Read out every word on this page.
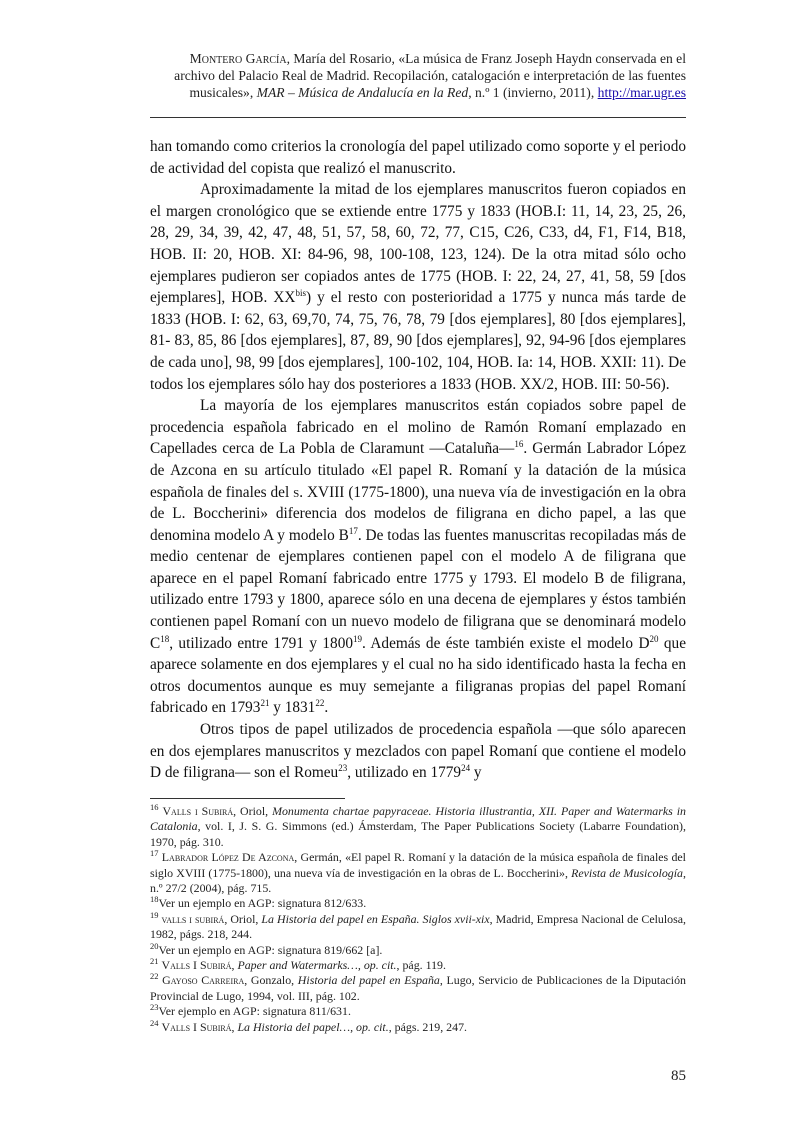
Montero García, María del Rosario, «La música de Franz Joseph Haydn conservada en el archivo del Palacio Real de Madrid. Recopilación, catalogación e interpretación de las fuentes musicales», MAR – Música de Andalucía en la Red, n.º 1 (invierno, 2011), http://mar.ugr.es

han tomando como criterios la cronología del papel utilizado como soporte y el periodo de actividad del copista que realizó el manuscrito.

Aproximadamente la mitad de los ejemplares manuscritos fueron copiados en el margen cronológico que se extiende entre 1775 y 1833 (HOB.I: 11, 14, 23, 25, 26, 28, 29, 34, 39, 42, 47, 48, 51, 57, 58, 60, 72, 77, C15, C26, C33, d4, F1, F14, B18, HOB. II: 20, HOB. XI: 84-96, 98, 100-108, 123, 124). De la otra mitad sólo ocho ejemplares pudieron ser copiados antes de 1775 (HOB. I: 22, 24, 27, 41, 58, 59 [dos ejemplares], HOB. $XX^{bis}$) y el resto con posterioridad a 1775 y nunca más tarde de 1833 (HOB. I: 62, 63, 69,70, 74, 75, 76, 78, 79 [dos ejemplares], 80 [dos ejemplares], 81- 83, 85, 86 [dos ejemplares], 87, 89, 90 [dos ejemplares], 92, 94-96 [dos ejemplares de cada uno], 98, 99 [dos ejemplares], 100-102, 104, HOB. Ia: 14, HOB. XXII: 11). De todos los ejemplares sólo hay dos posteriores a 1833 (HOB. XX/2, HOB. III: 50-56).

La mayoría de los ejemplares manuscritos están copiados sobre papel de procedencia española fabricado en el molino de Ramón Romaní emplazado en Capellades cerca de La Pobla de Claramunt —Cataluña—$^{16}$. Germán Labrador López de Azcona en su artículo titulado «El papel R. Romaní y la datación de la música española de finales del s. XVIII (1775-1800), una nueva vía de investigación en la obra de L. Boccherini» diferencia dos modelos de filigrana en dicho papel, a las que denomina modelo A y modelo $B^{17}$. De todas las fuentes manuscritas recopiladas más de medio centenar de ejemplares contienen papel con el modelo A de filigrana que aparece en el papel Romaní fabricado entre 1775 y 1793. El modelo B de filigrana, utilizado entre 1793 y 1800, aparece sólo en una decena de ejemplares y éstos también contienen papel Romaní con un nuevo modelo de filigrana que se denominará modelo $C^{18}$, utilizado entre 1791 y 1800$^{19}$. Además de éste también existe el modelo $D^{20}$ que aparece solamente en dos ejemplares y el cual no ha sido identificado hasta la fecha en otros documentos aunque es muy semejante a filigranas propias del papel Romaní fabricado en 1793$^{21}$ y 1831$^{22}$.

Otros tipos de papel utilizados de procedencia española —que sólo aparecen en dos ejemplares manuscritos y mezclados con papel Romaní que contiene el modelo D de filigrana— son el Romeu$^{23}$, utilizado en 1779$^{24}$ y

$^{16}$ Valls i Subirá, Oriol, Monumenta chartae papyraceae. Historia illustrantia, XII. Paper and Watermarks in Catalonia, vol. I, J. S. G. Simmons (ed.) Ámsterdam, The Paper Publications Society (Labarre Foundation), 1970, pág. 310.
$^{17}$ Labrador López De Azcona, Germán, «El papel R. Romaní y la datación de la música española de finales del siglo XVIII (1775-1800), una nueva vía de investigación en la obras de L. Boccherini», Revista de Musicología, n.º 27/2 (2004), pág. 715.
$^{18}$Ver un ejemplo en AGP: signatura 812/633.
$^{19}$ valls i subirá, Oriol, La Historia del papel en España. Siglos xvii-xix, Madrid, Empresa Nacional de Celulosa, 1982, págs. 218, 244.
$^{20}$Ver un ejemplo en AGP: signatura 819/662 [a].
$^{21}$ Valls I Subirá, Paper and Watermarks…, op. cit., pág. 119.
$^{22}$ Gayoso Carreira, Gonzalo, Historia del papel en España, Lugo, Servicio de Publicaciones de la Diputación Provincial de Lugo, 1994, vol. III, pág. 102.
$^{23}$Ver ejemplo en AGP: signatura 811/631.
$^{24}$ Valls I Subirá, La Historia del papel…, op. cit., págs. 219, 247.
85
